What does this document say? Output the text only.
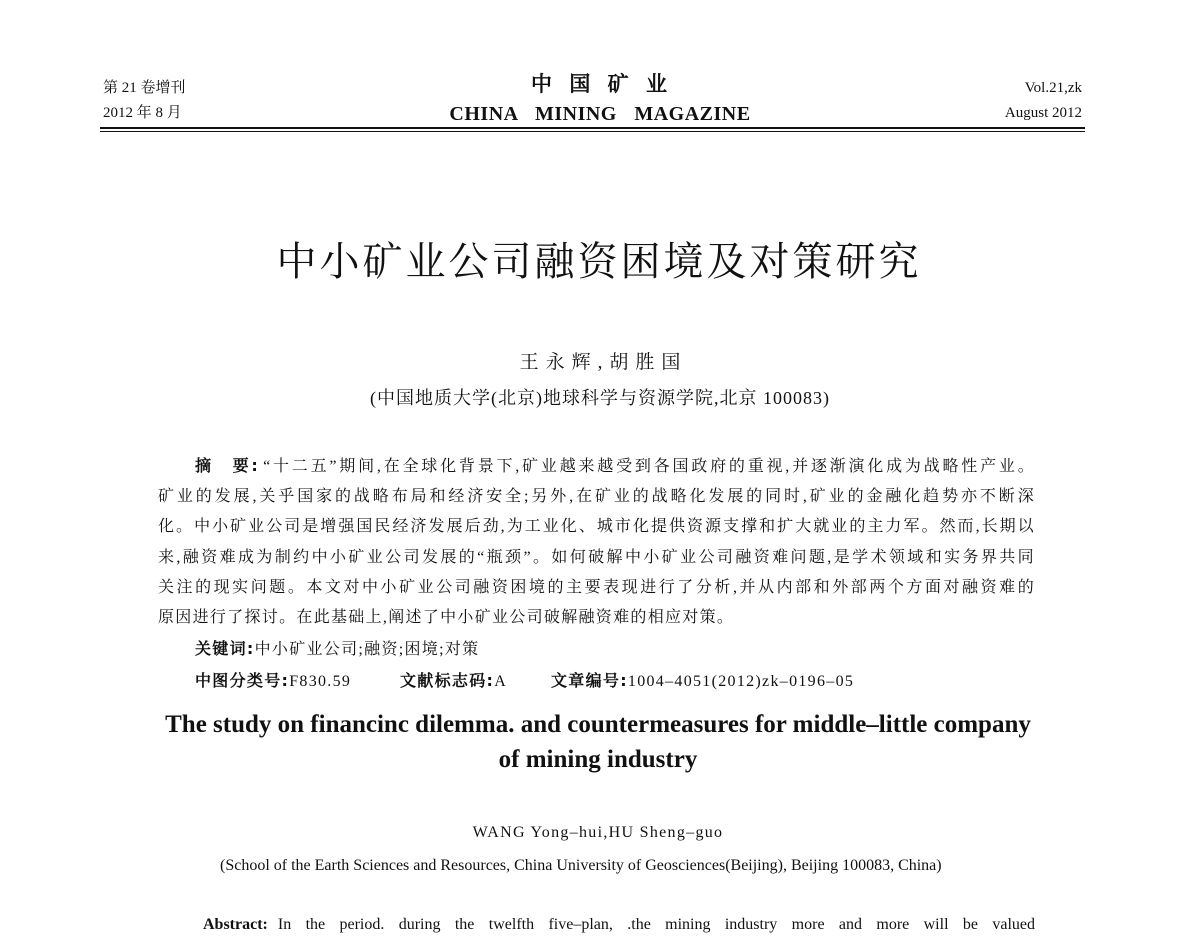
第 21 卷增刊
2012 年 8 月
中 国 矿 业
CHINA MINING MAGAZINE
Vol.21,zk
August 2012
中小矿业公司融资困境及对策研究
王永辉,胡胜国
(中国地质大学(北京)地球科学与资源学院,北京 100083)
摘　要: “十二五”期间,在全球化背景下,矿业越来越受到各国政府的重视,并逐渐演化成为战略性产业。
矿业的发展,关乎国家的战略布局和经济安全;另外,在矿业的战略化发展的同时,矿业的金融化趋势亦不断深
化。中小矿业公司是增强国民经济发展后劲,为工业化、城市化提供资源支撑和扩大就业的主力军。然而,长期以
来,融资难成为制约中小矿业公司发展的“瓶颈”。如何破解中小矿业公司融资难问题,是学术领域和实务界共同
关注的现实问题。本文对中小矿业公司融资困境的主要表现进行了分析,并从内部和外部两个方面对融资难的
原因进行了探讨。在此基础上,阐述了中小矿业公司破解融资难的相应对策。
关键词:中小矿业公司;融资;困境;对策
中图分类号:F830.59	文献标志码:A	文章编号:1004–4051(2012)zk–0196–05
The study on financinc dilemma. and countermeasures for middle–little company
of mining industry
WANG Yong–hui,HU Sheng–guo
(School of the Earth Sciences and Resources, China University of Geosciences(Beijing), Beijing 100083, China)
Abstract: In the period. during the twelfth five–plan, .the mining industry more and more will be valued
